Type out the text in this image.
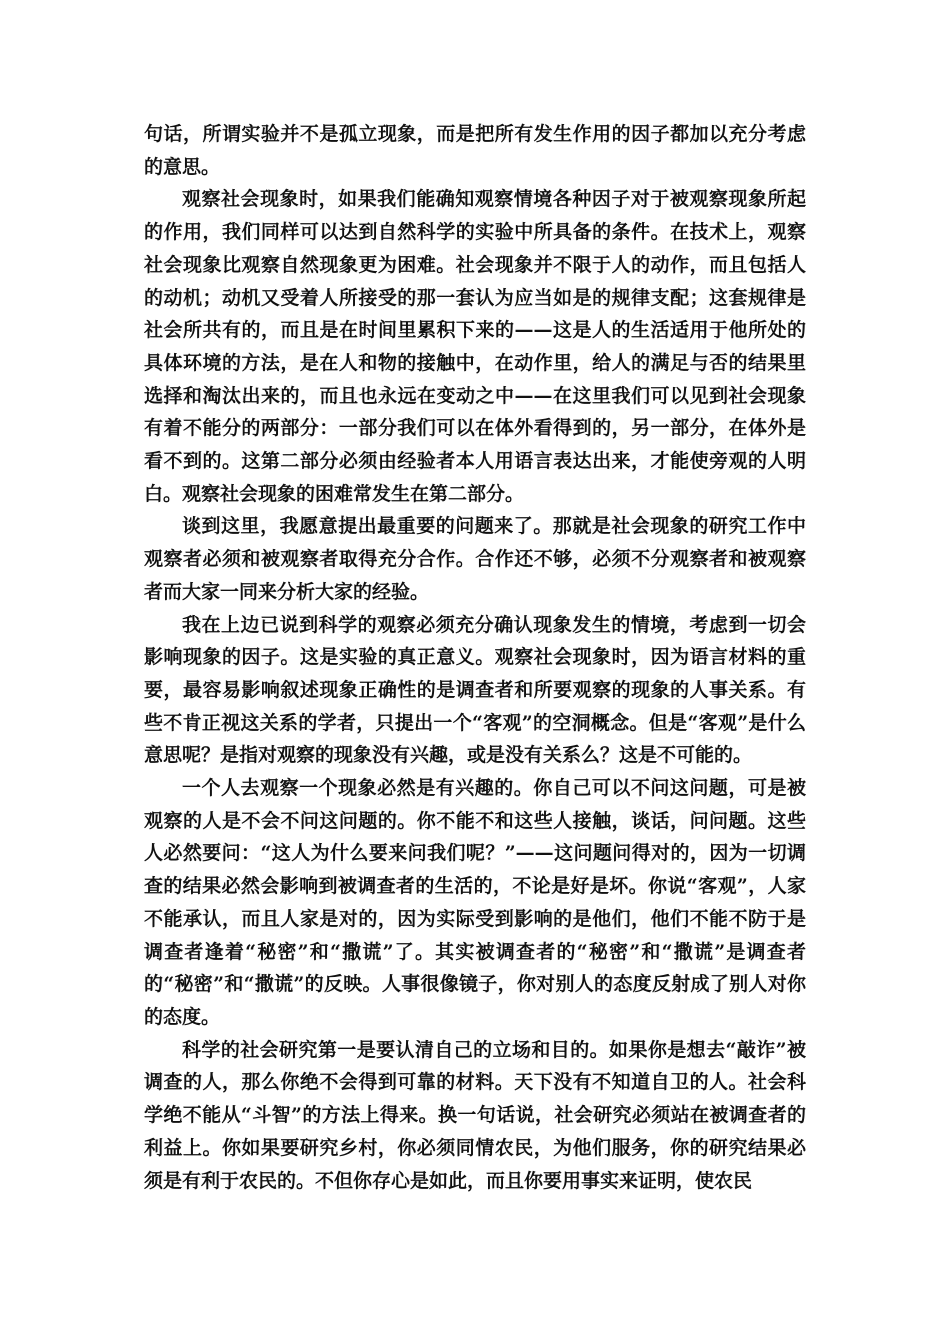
句话，所谓实验并不是孤立现象，而是把所有发生作用的因子都加以充分考虑的意思。

观察社会现象时，如果我们能确知观察情境各种因子对于被观察现象所起的作用，我们同样可以达到自然科学的实验中所具备的条件。在技术上，观察社会现象比观察自然现象更为困难。社会现象并不限于人的动作，而且包括人的动机；动机又受着人所接受的那一套认为应当如是的规律支配；这套规律是社会所共有的，而且是在时间里累积下来的——这是人的生活适用于他所处的具体环境的方法，是在人和物的接触中，在动作里，给人的满足与否的结果里选择和淘汰出来的，而且也永远在变动之中——在这里我们可以见到社会现象有着不能分的两部分：一部分我们可以在体外看得到的，另一部分，在体外是看不到的。这第二部分必须由经验者本人用语言表达出来，才能使旁观的人明白。观察社会现象的困难常发生在第二部分。

谈到这里，我愿意提出最重要的问题来了。那就是社会现象的研究工作中观察者必须和被观察者取得充分合作。合作还不够，必须不分观察者和被观察者而大家一同来分析大家的经验。

我在上边已说到科学的观察必须充分确认现象发生的情境，考虑到一切会影响现象的因子。这是实验的真正意义。观察社会现象时，因为语言材料的重要，最容易影响叙述现象正确性的是调查者和所要观察的现象的人事关系。有些不肯正视这关系的学者，只提出一个“客观”的空洞概念。但是“客观”是什么意思呢？是指对观察的现象没有兴趣，或是没有关系么？这是不可能的。

一个人去观察一个现象必然是有兴趣的。你自己可以不问这问题，可是被观察的人是不会不问这问题的。你不能不和这些人接触，谈话，问问题。这些人必然要问：“这人为什么要来问我们呢？”——这问题问得对的，因为一切调查的结果必然会影响到被调查者的生活的，不论是好是坏。你说“客观”，人家不能承认，而且人家是对的，因为实际受到影响的是他们，他们不能不防于是调查者逢着“秘密”和“撒谎”了。其实被调查者的“秘密”和“撒谎”是调查者的“秘密”和“撒谎”的反映。人事很像镜子，你对别人的态度反射成了别人对你的态度。

科学的社会研究第一是要认清自己的立场和目的。如果你是想去“敲诈”被调查的人，那么你绝不会得到可靠的材料。天下没有不知道自卫的人。社会科学绝不能从“斗智”的方法上得来。换一句话说，社会研究必须站在被调查者的利益上。你如果要研究乡村，你必须同情农民，为他们服务，你的研究结果必须是有利于农民的。不但你存心是如此，而且你要用事实来证明，使农民
